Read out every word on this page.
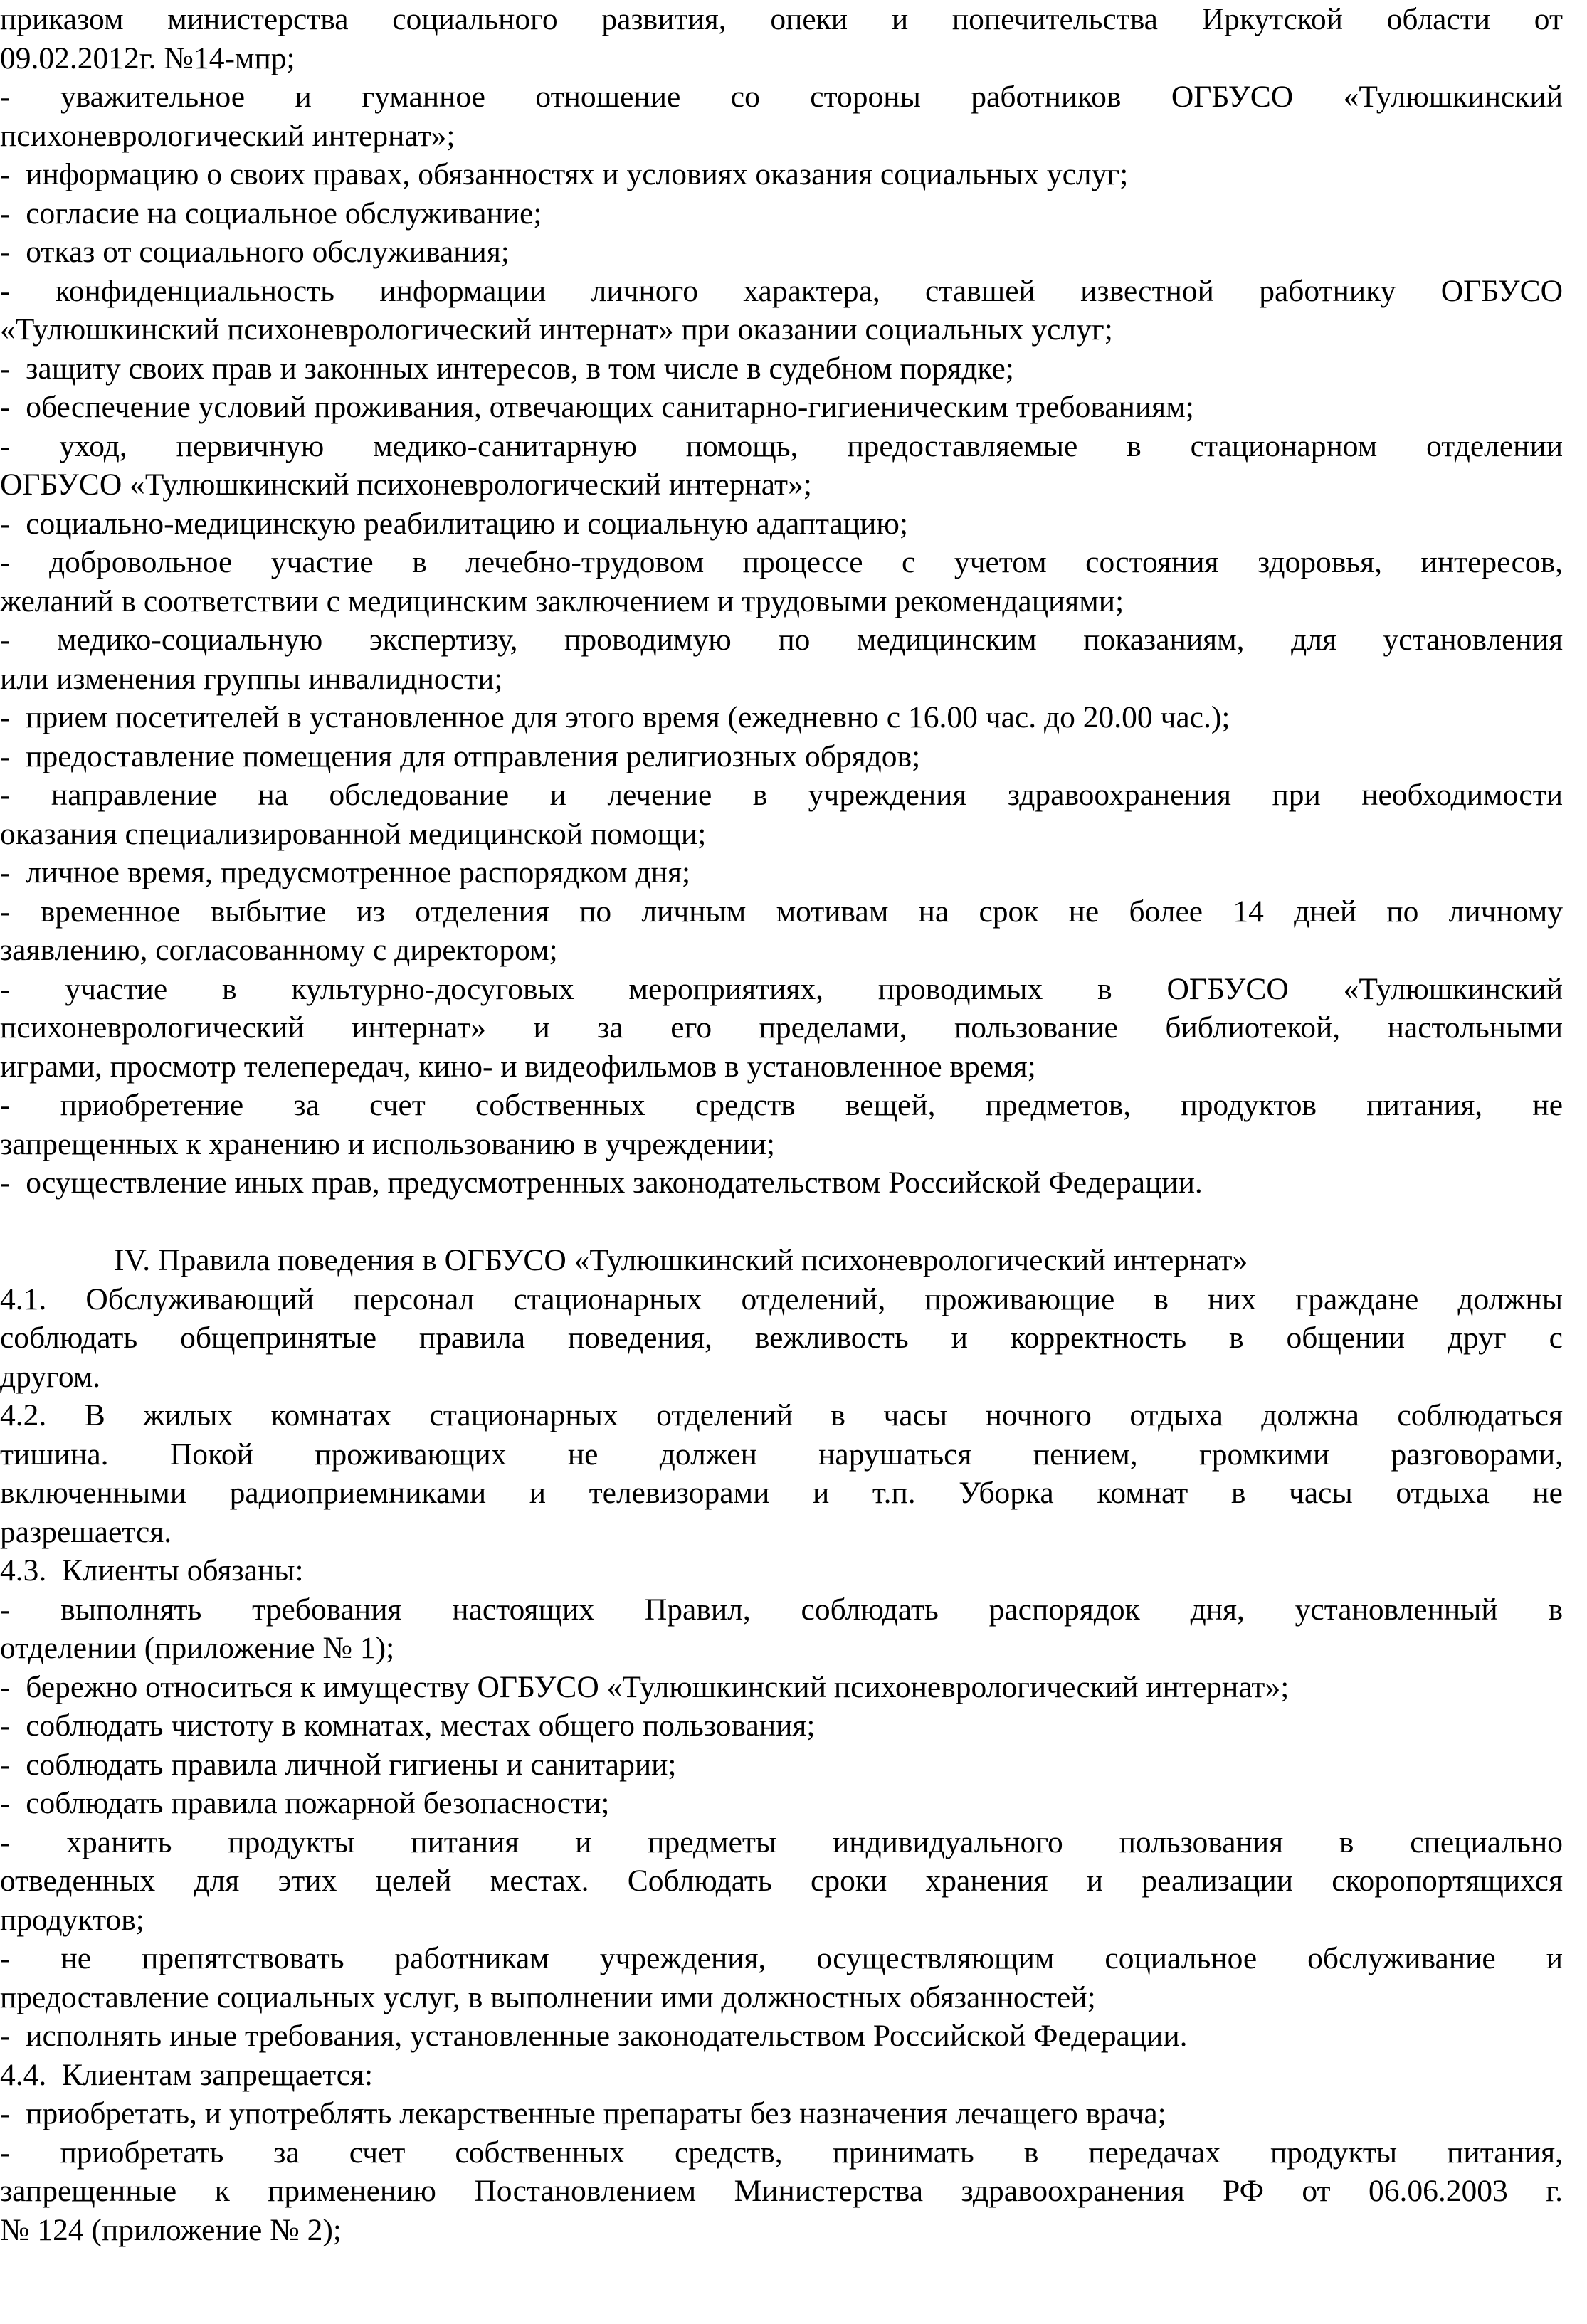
приказом министерства социального развития, опеки и попечительства Иркутской области от
09.02.2012г. №14-мпр;
- уважительное и гуманное отношение со стороны работников ОГБУСО «Тулюшкинский
психоневрологический интернат»;
-  информацию о своих правах, обязанностях и условиях оказания социальных услуг;
-  согласие на социальное обслуживание;
-  отказ от социального обслуживания;
- конфиденциальность информации личного характера, ставшей известной работнику ОГБУСО
«Тулюшкинский психоневрологический интернат» при оказании социальных услуг;
-  защиту своих прав и законных интересов, в том числе в судебном порядке;
-  обеспечение условий проживания, отвечающих санитарно-гигиеническим требованиям;
- уход, первичную медико-санитарную помощь, предоставляемые в стационарном отделении
ОГБУСО «Тулюшкинский психоневрологический интернат»;
-  социально-медицинскую реабилитацию и социальную адаптацию;
- добровольное участие в лечебно-трудовом процессе с учетом состояния здоровья, интересов,
желаний в соответствии с медицинским заключением и трудовыми рекомендациями;
- медико-социальную экспертизу, проводимую по медицинским показаниям, для установления
или изменения группы инвалидности;
-  прием посетителей в установленное для этого время (ежедневно с 16.00 час. до 20.00 час.);
-  предоставление помещения для отправления религиозных обрядов;
- направление на обследование и лечение в учреждения здравоохранения при необходимости
оказания специализированной медицинской помощи;
-  личное время, предусмотренное распорядком дня;
- временное выбытие из отделения по личным мотивам на срок не более 14 дней по личному
заявлению, согласованному с директором;
- участие в культурно-досуговых мероприятиях, проводимых в ОГБУСО «Тулюшкинский
психоневрологический интернат» и за его пределами, пользование библиотекой, настольными
играми, просмотр телепередач, кино- и видеофильмов в установленное время;
- приобретение за счет собственных средств вещей, предметов, продуктов питания, не
запрещенных к хранению и использованию в учреждении;
-  осуществление иных прав, предусмотренных законодательством Российской Федерации.
IV. Правила поведения в ОГБУСО «Тулюшкинский психоневрологический интернат»
4.1. Обслуживающий персонал стационарных отделений, проживающие в них граждане должны
соблюдать общепринятые правила поведения, вежливость и корректность в общении друг с
другом.
4.2. В жилых комнатах стационарных отделений в часы ночного отдыха должна соблюдаться
тишина. Покой проживающих не должен нарушаться пением, громкими разговорами,
включенными радиоприемниками и телевизорами и т.п. Уборка комнат в часы отдыха не
разрешается.
4.3.  Клиенты обязаны:
- выполнять требования настоящих Правил, соблюдать распорядок дня, установленный в
отделении (приложение № 1);
-  бережно относиться к имуществу ОГБУСО «Тулюшкинский психоневрологический интернат»;
-  соблюдать чистоту в комнатах, местах общего пользования;
-  соблюдать правила личной гигиены и санитарии;
-  соблюдать правила пожарной безопасности;
- хранить продукты питания и предметы индивидуального пользования в специально
отведенных для этих целей местах. Соблюдать сроки хранения и реализации скоропортящихся
продуктов;
- не препятствовать работникам учреждения, осуществляющим социальное обслуживание и
предоставление социальных услуг, в выполнении ими должностных обязанностей;
-  исполнять иные требования, установленные законодательством Российской Федерации.
4.4.  Клиентам запрещается:
-  приобретать, и употреблять лекарственные препараты без назначения лечащего врача;
- приобретать за счет собственных средств, принимать в передачах продукты питания,
запрещенные к применению Постановлением Министерства здравоохранения РФ от 06.06.2003 г.
№ 124 (приложение № 2);
